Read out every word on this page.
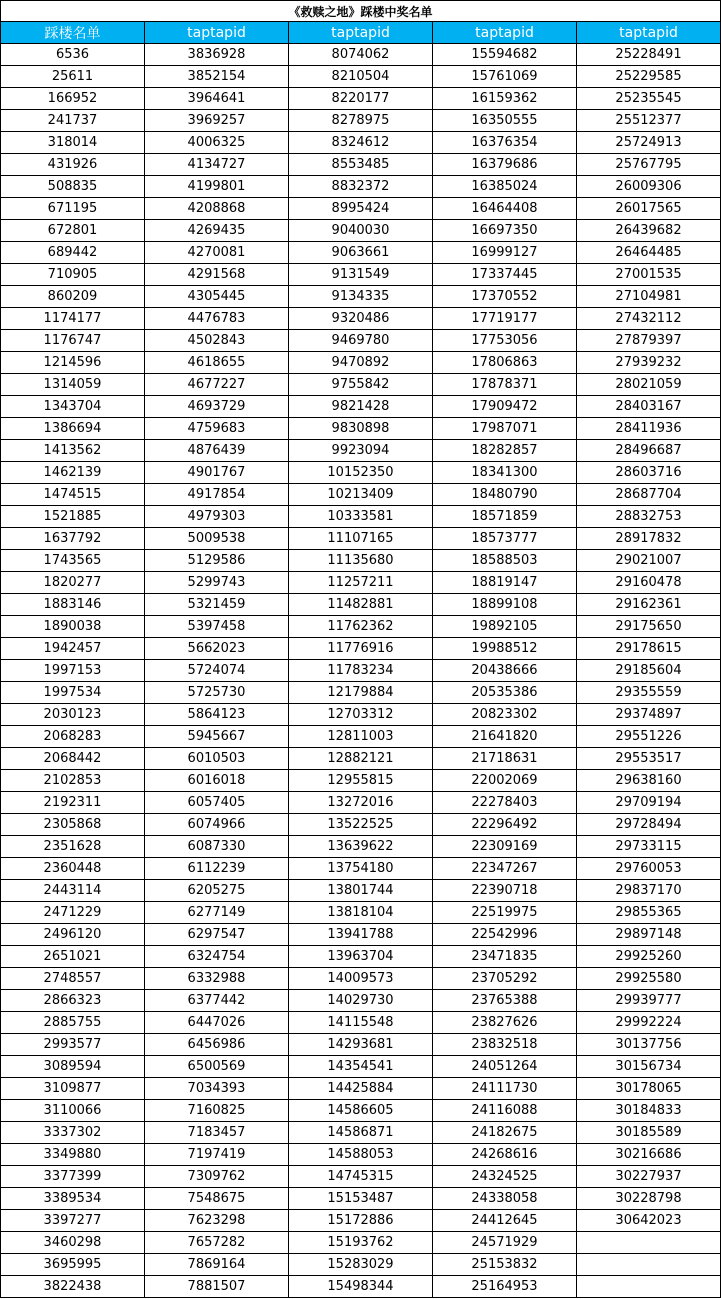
《救赎之地》踩楼中奖名单				
踩楼名单	taptapid	taptapid	taptapid	taptapid
6536	3836928	8074062	15594682	25228491
25611	3852154	8210504	15761069	25229585
166952	3964641	8220177	16159362	25235545
241737	3969257	8278975	16350555	25512377
318014	4006325	8324612	16376354	25724913
431926	4134727	8553485	16379686	25767795
508835	4199801	8832372	16385024	26009306
671195	4208868	8995424	16464408	26017565
672801	4269435	9040030	16697350	26439682
689442	4270081	9063661	16999127	26464485
710905	4291568	9131549	17337445	27001535
860209	4305445	9134335	17370552	27104981
1174177	4476783	9320486	17719177	27432112
1176747	4502843	9469780	17753056	27879397
1214596	4618655	9470892	17806863	27939232
1314059	4677227	9755842	17878371	28021059
1343704	4693729	9821428	17909472	28403167
1386694	4759683	9830898	17987071	28411936
1413562	4876439	9923094	18282857	28496687
1462139	4901767	10152350	18341300	28603716
1474515	4917854	10213409	18480790	28687704
1521885	4979303	10333581	18571859	28832753
1637792	5009538	11107165	18573777	28917832
1743565	5129586	11135680	18588503	29021007
1820277	5299743	11257211	18819147	29160478
1883146	5321459	11482881	18899108	29162361
1890038	5397458	11762362	19892105	29175650
1942457	5662023	11776916	19988512	29178615
1997153	5724074	11783234	20438666	29185604
1997534	5725730	12179884	20535386	29355559
2030123	5864123	12703312	20823302	29374897
2068283	5945667	12811003	21641820	29551226
2068442	6010503	12882121	21718631	29553517
2102853	6016018	12955815	22002069	29638160
2192311	6057405	13272016	22278403	29709194
2305868	6074966	13522525	22296492	29728494
2351628	6087330	13639622	22309169	29733115
2360448	6112239	13754180	22347267	29760053
2443114	6205275	13801744	22390718	29837170
2471229	6277149	13818104	22519975	29855365
2496120	6297547	13941788	22542996	29897148
2651021	6324754	13963704	23471835	29925260
2748557	6332988	14009573	23705292	29925580
2866323	6377442	14029730	23765388	29939777
2885755	6447026	14115548	23827626	29992224
2993577	6456986	14293681	23832518	30137756
3089594	6500569	14354541	24051264	30156734
3109877	7034393	14425884	24111730	30178065
3110066	7160825	14586605	24116088	30184833
3337302	7183457	14586871	24182675	30185589
3349880	7197419	14588053	24268616	30216686
3377399	7309762	14745315	24324525	30227937
3389534	7548675	15153487	24338058	30228798
3397277	7623298	15172886	24412645	30642023
3460298	7657282	15193762	24571929	
3695995	7869164	15283029	25153832	
3822438	7881507	15498344	25164953	
